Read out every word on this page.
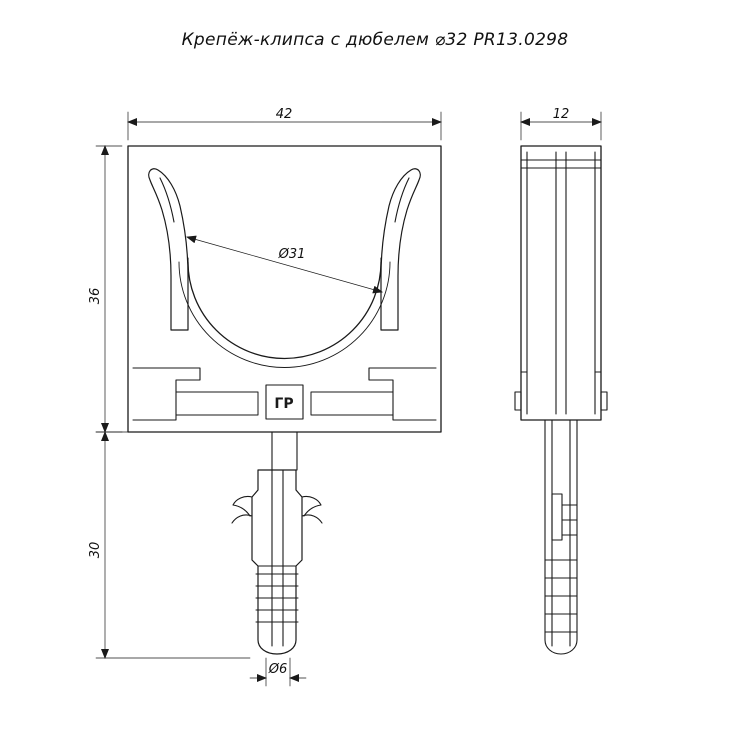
Крепёж-клипса с дюбелем ⌀32 PR13.0298
42
36
30
Ø31
Ø6
12
ГР
